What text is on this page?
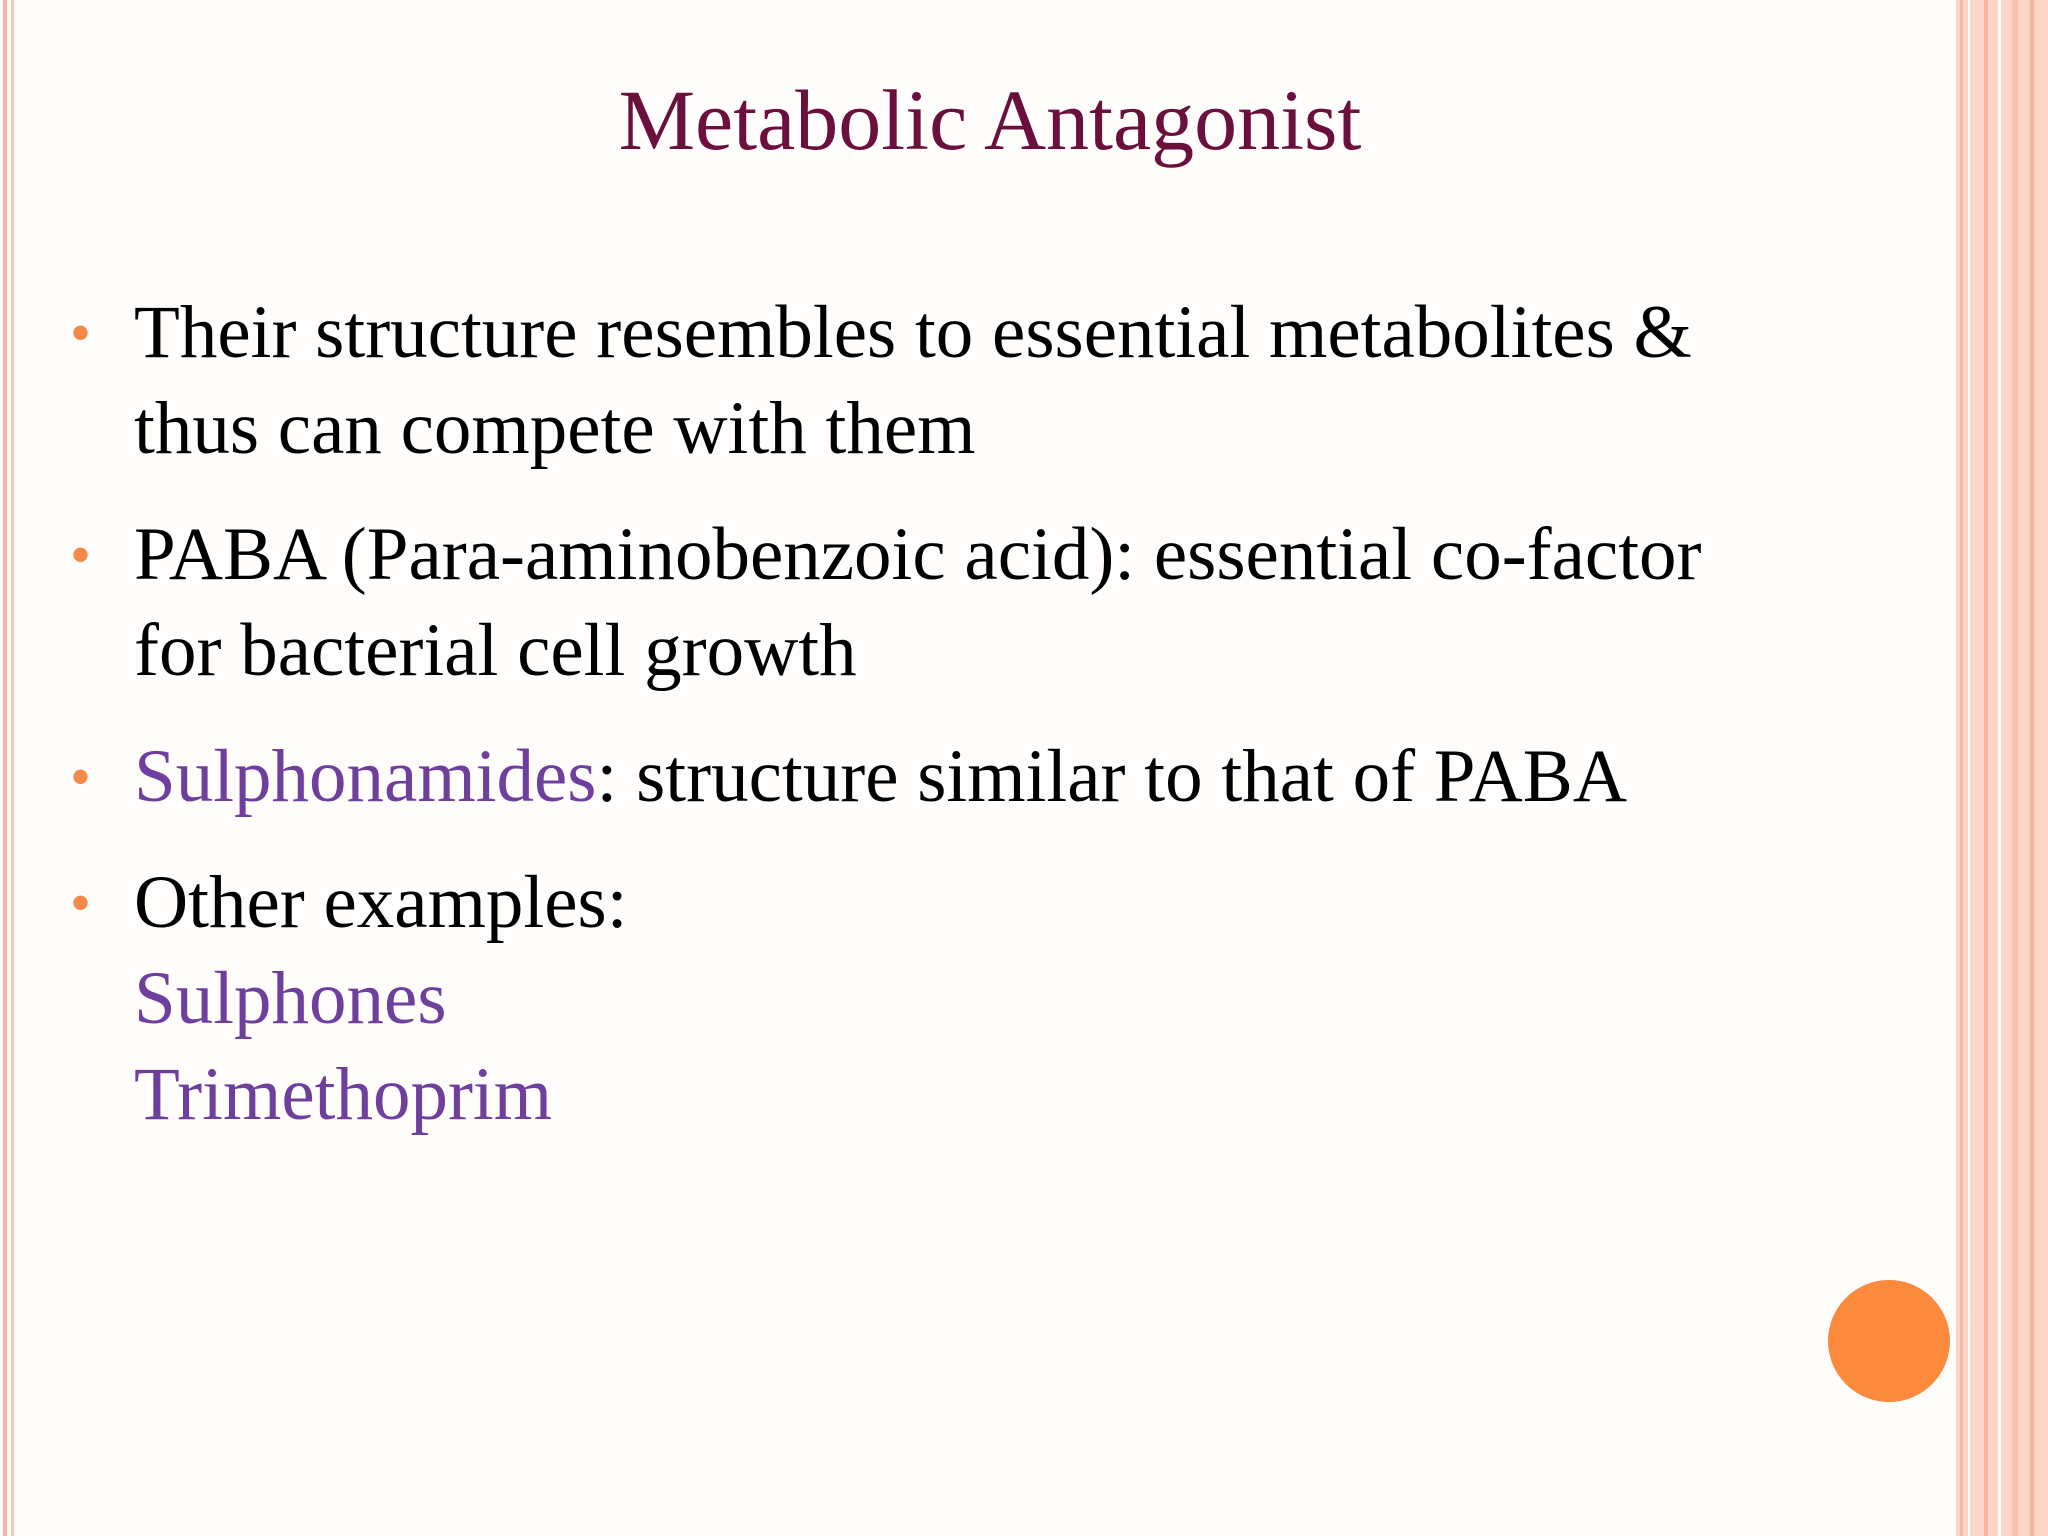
Metabolic Antagonist
• Their structure resembles to essential metabolites &
thus can compete with them
• PABA (Para-aminobenzoic acid): essential co-factor
for bacterial cell growth
• Sulphonamides: structure similar to that of PABA
• Other examples:
Sulphones
Trimethoprim
